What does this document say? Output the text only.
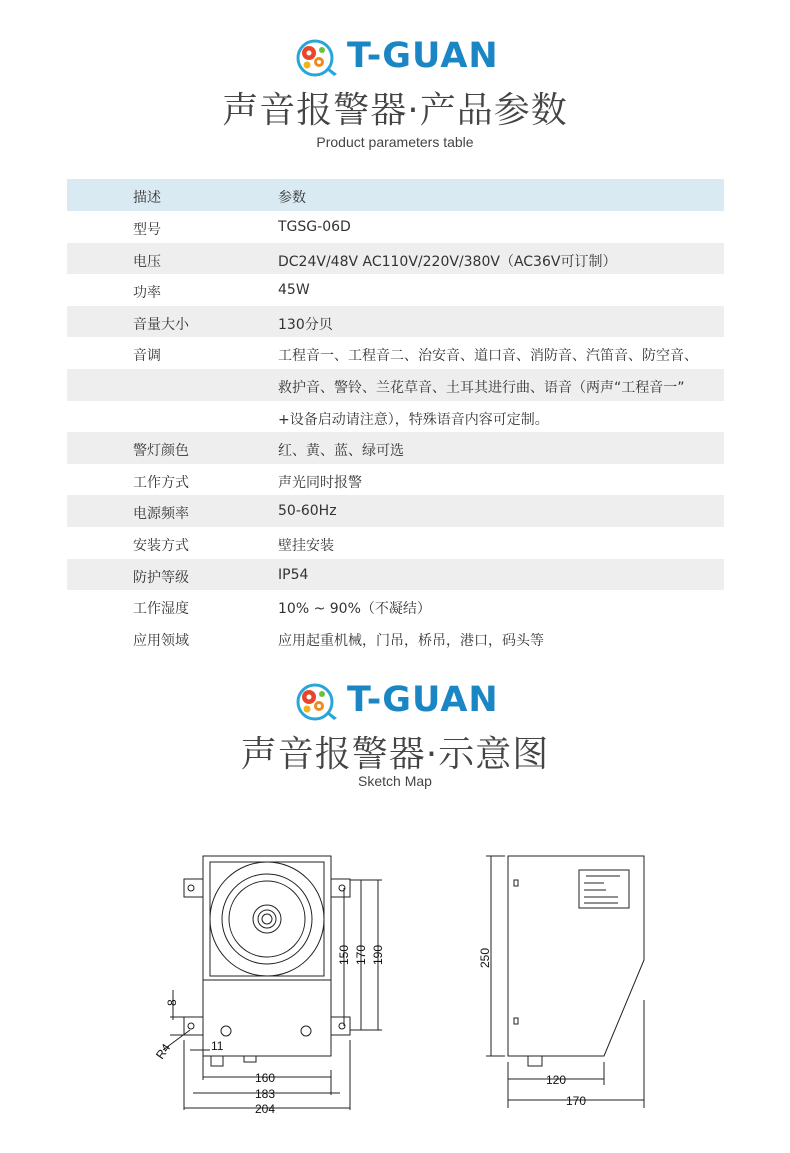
T-GUAN
声音报警器·产品参数
Product parameters table
描述	参数
型号	TGSG-06D
电压	DC24V/48V AC110V/220V/380V（AC36V可订制）
功率	45W
音量大小	130分贝
音调	工程音一、工程音二、治安音、道口音、消防音、汽笛音、防空音、
救护音、警铃、兰花草音、土耳其进行曲、语音（两声“工程音一”
+设备启动请注意），特殊语音内容可定制。
警灯颜色	红、黄、蓝、绿可选
工作方式	声光同时报警
电源频率	50-60Hz
安装方式	壁挂安装
防护等级	IP54
工作湿度	10% ~ 90%（不凝结）
应用领域	应用起重机械，门吊，桥吊，港口，码头等
T-GUAN
声音报警器·示意图
Sketch Map
150 170 190
8
R4	11
160
183
204
250
120
170
